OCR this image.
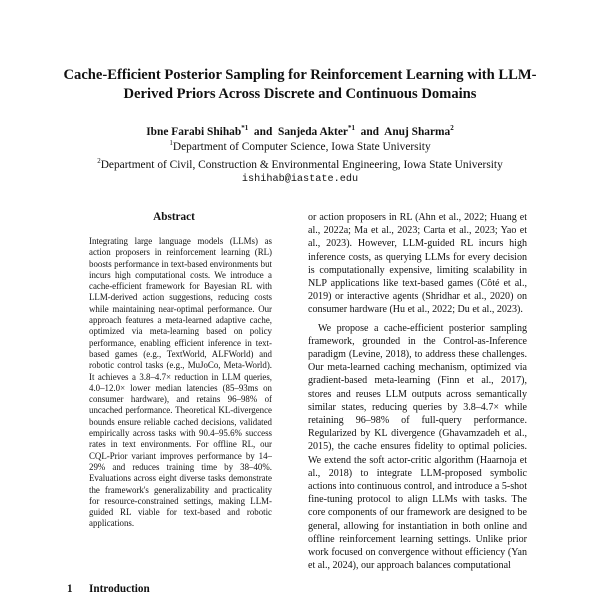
Cache-Efficient Posterior Sampling for Reinforcement Learning with LLM-Derived Priors Across Discrete and Continuous Domains
Ibne Farabi Shihab$^{*1}$ and Sanjeda Akter$^{*1}$ and Anuj Sharma$^2$
$^1$Department of Computer Science, Iowa State University
$^2$Department of Civil, Construction & Environmental Engineering, Iowa State University
ishihab@iastate.edu
Abstract
Integrating large language models (LLMs) as action proposers in reinforcement learning (RL) boosts performance in text-based environments but incurs high computational costs. We introduce a cache-efficient framework for Bayesian RL with LLM-derived action suggestions, reducing costs while maintaining near-optimal performance. Our approach features a meta-learned adaptive cache, optimized via meta-learning based on policy performance, enabling efficient inference in text-based games (e.g., TextWorld, ALFWorld) and robotic control tasks (e.g., MuJoCo, Meta-World). It achieves a 3.8–4.7× reduction in LLM queries, 4.0–12.0× lower median latencies (85–93ms on consumer hardware), and retains 96–98% of uncached performance. Theoretical KL-divergence bounds ensure reliable cached decisions, validated empirically across tasks with 90.4–95.6% success rates in text environments. For offline RL, our CQL-Prior variant improves performance by 14–29% and reduces training time by 38–40%. Evaluations across eight diverse tasks demonstrate the framework's generalizability and practicality for resource-constrained settings, making LLM-guided RL viable for text-based and robotic applications.
1 Introduction

or action proposers in RL (Ahn et al., 2022; Huang et al., 2022a; Ma et al., 2023; Carta et al., 2023; Yao et al., 2023). However, LLM-guided RL incurs high inference costs, as querying LLMs for every decision is computationally expensive, limiting scalability in NLP applications like text-based games (Côté et al., 2019) or interactive agents (Shridhar et al., 2020) on consumer hardware (Hu et al., 2022; Du et al., 2023).

We propose a cache-efficient posterior sampling framework, grounded in the Control-as-Inference paradigm (Levine, 2018), to address these challenges. Our meta-learned caching mechanism, optimized via gradient-based meta-learning (Finn et al., 2017), stores and reuses LLM outputs across semantically similar states, reducing queries by 3.8–4.7× while retaining 96–98% of full-query performance. Regularized by KL divergence (Ghavamzadeh et al., 2015), the cache ensures fidelity to optimal policies. We extend the soft actor-critic algorithm (Haarnoja et al., 2018) to integrate LLM-proposed symbolic actions into continuous control, and introduce a 5-shot fine-tuning protocol to align LLMs with tasks. The core components of our framework are designed to be general, allowing for instantiation in both online and offline reinforcement learning settings. Unlike prior work focused on convergence without efficiency (Yan et al., 2024), our approach balances computational
